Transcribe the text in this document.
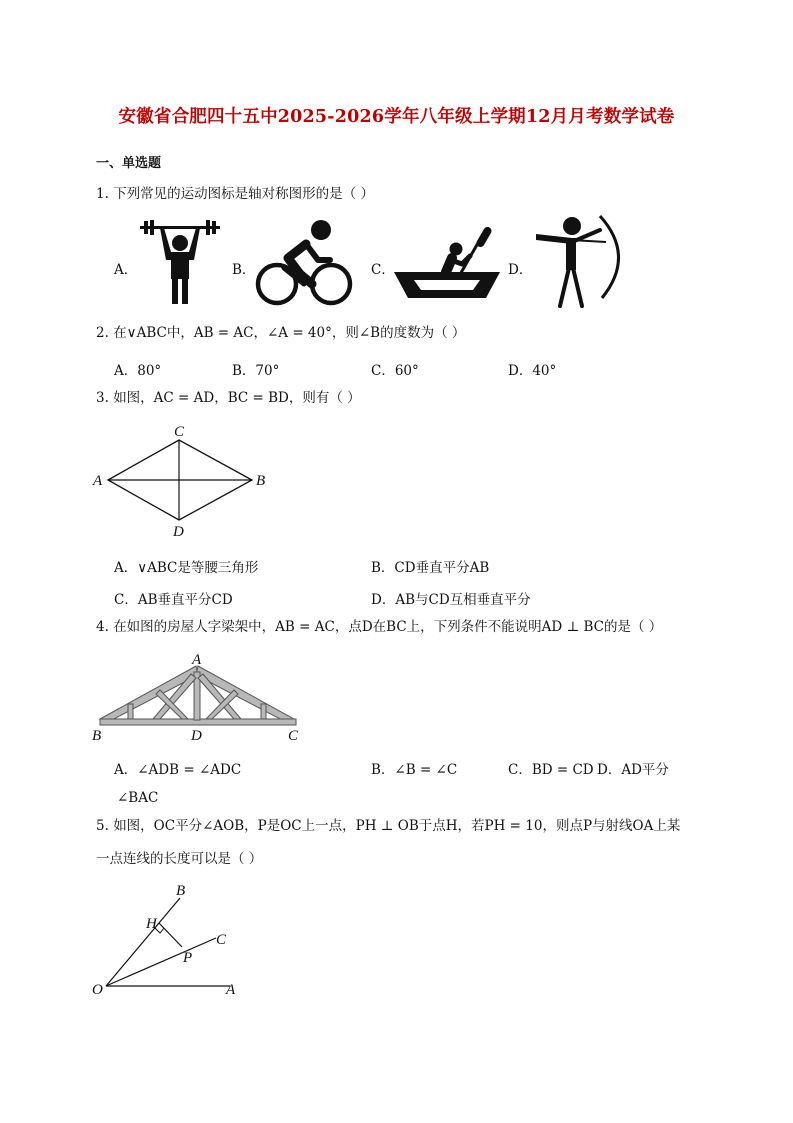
安徽省合肥四十五中2025-2026学年八年级上学期12月月考数学试卷
一、单选题
1. 下列常见的运动图标是轴对称图形的是（ ）
A．	B．	C．	D．
2. 在∨ABC中，AB = AC，∠A = 40°，则∠B的度数为（ ）
A．80°	B．70°	C．60°	D．40°
3. 如图，AC = AD，BC = BD，则有（ ）
C
A	B
D
A．∨ABC是等腰三角形	B．CD垂直平分AB
C．AB垂直平分CD	D．AB与CD互相垂直平分
4. 在如图的房屋人字梁架中，AB = AC，点D在BC上，下列条件不能说明AD ⊥ BC的是（ ）
A
B	D	C
A．∠ADB = ∠ADC	B．∠B = ∠C	C．BD = CD D．AD平分
∠BAC
5. 如图，OC平分∠AOB，P是OC上一点，PH ⊥ OB于点H，若PH = 10，则点P与射线OA上某
一点连线的长度可以是（ ）
B
H
C
P
O	A
